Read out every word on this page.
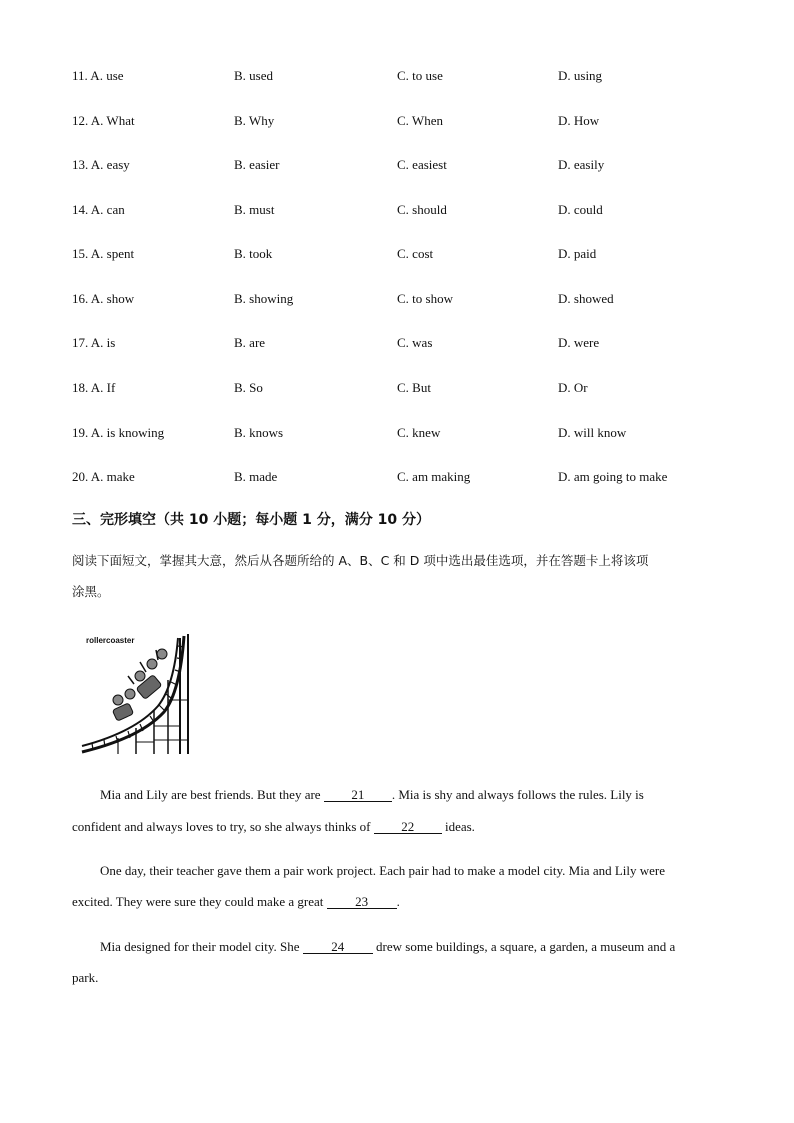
11. A. use	B. used	C. to use	D. using
12. A. What	B. Why	C. When	D. How
13. A. easy	B. easier	C. easiest	D. easily
14. A. can	B. must	C. should	D. could
15. A. spent	B. took	C. cost	D. paid
16. A. show	B. showing	C. to show	D. showed
17. A. is	B. are	C. was	D. were
18. A. If	B. So	C. But	D. Or
19. A. is knowing	B. knows	C. knew	D. will know
20. A. make	B. made	C. am making	D. am going to make
三、完形填空（共 10 小题；每小题 1 分，满分 10 分）
阅读下面短文，掌握其大意，然后从各题所给的 A、B、C 和 D 项中选出最佳选项，并在答题卡上将该项
涂黑。
rollercoaster
Mia and Lily are best friends. But they are 21 . Mia is shy and always follows the rules. Lily is
confident and always loves to try, so she always thinks of 22 ideas.
One day, their teacher gave them a pair work project. Each pair had to make a model city. Mia and Lily were
excited. They were sure they could make a great 23 .
Mia designed for their model city. She 24 drew some buildings, a square, a garden, a museum and a
park.
